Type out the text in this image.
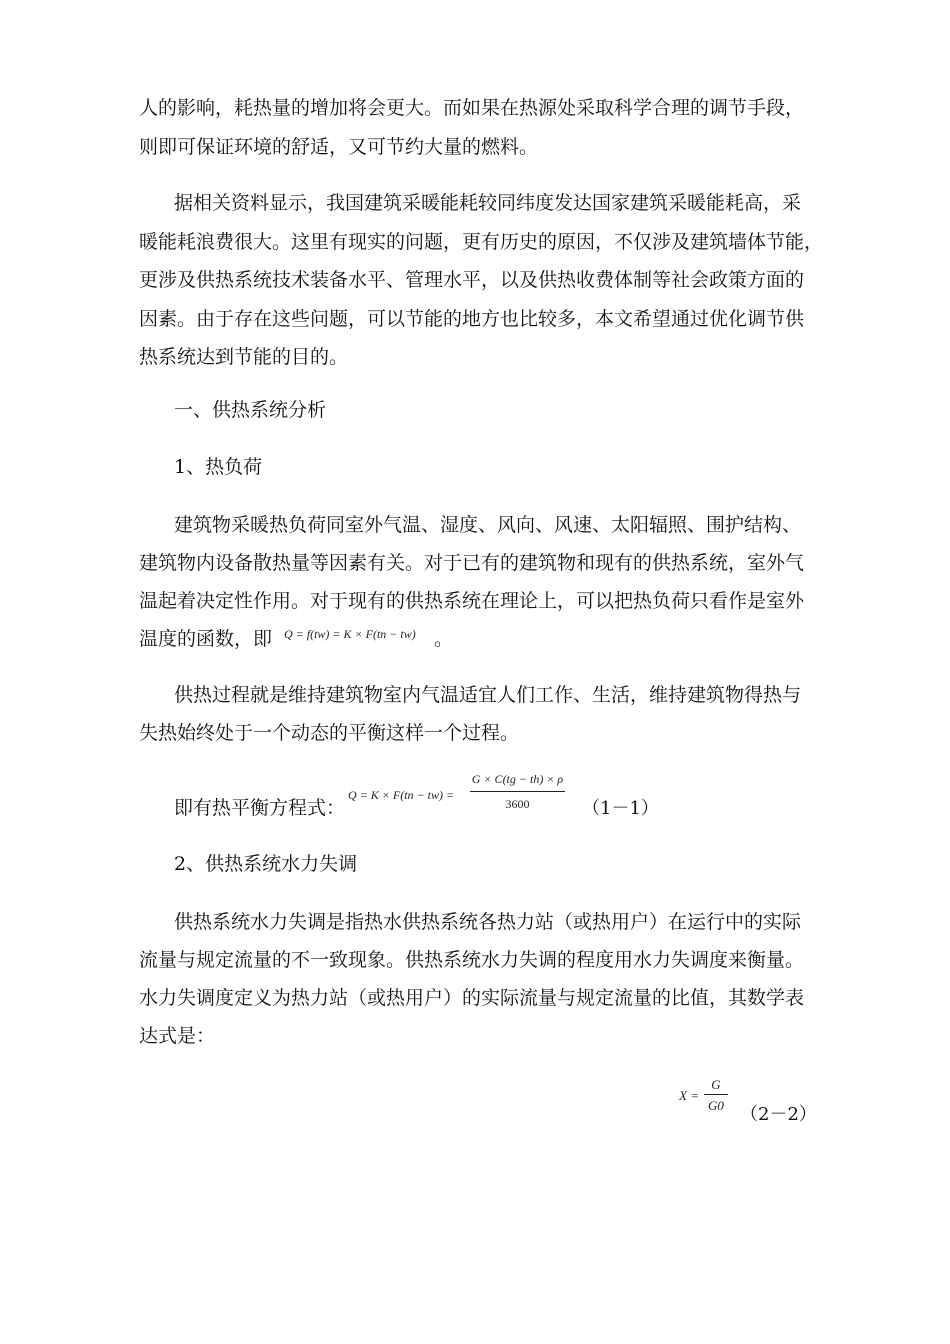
人的影响，耗热量的增加将会更大。而如果在热源处采取科学合理的调节手段，
则即可保证环境的舒适，又可节约大量的燃料。
据相关资料显示，我国建筑采暖能耗较同纬度发达国家建筑采暖能耗高，采
暖能耗浪费很大。这里有现实的问题，更有历史的原因，不仅涉及建筑墙体节能，
更涉及供热系统技术装备水平、管理水平，以及供热收费体制等社会政策方面的
因素。由于存在这些问题，可以节能的地方也比较多，本文希望通过优化调节供
热系统达到节能的目的。
一、供热系统分析
1、热负荷
建筑物采暖热负荷同室外气温、湿度、风向、风速、太阳辐照、围护结构、
建筑物内设备散热量等因素有关。对于已有的建筑物和现有的供热系统，室外气
温起着决定性作用。对于现有的供热系统在理论上，可以把热负荷只看作是室外
温度的函数，即 Q = f(tw) = K × F(tn − tw) 。
供热过程就是维持建筑物室内气温适宜人们工作、生活，维持建筑物得热与
失热始终处于一个动态的平衡这样一个过程。
即有热平衡方程式：
Q = K × F(tn − tw) =
G × C(tg − th) × ρ
3600	（1－1）
2、供热系统水力失调
供热系统水力失调是指热水供热系统各热力站（或热用户）在运行中的实际
流量与规定流量的不一致现象。供热系统水力失调的程度用水力失调度来衡量。
水力失调度定义为热力站（或热用户）的实际流量与规定流量的比值，其数学表
达式是：
X =
G
G0 （2－2）
